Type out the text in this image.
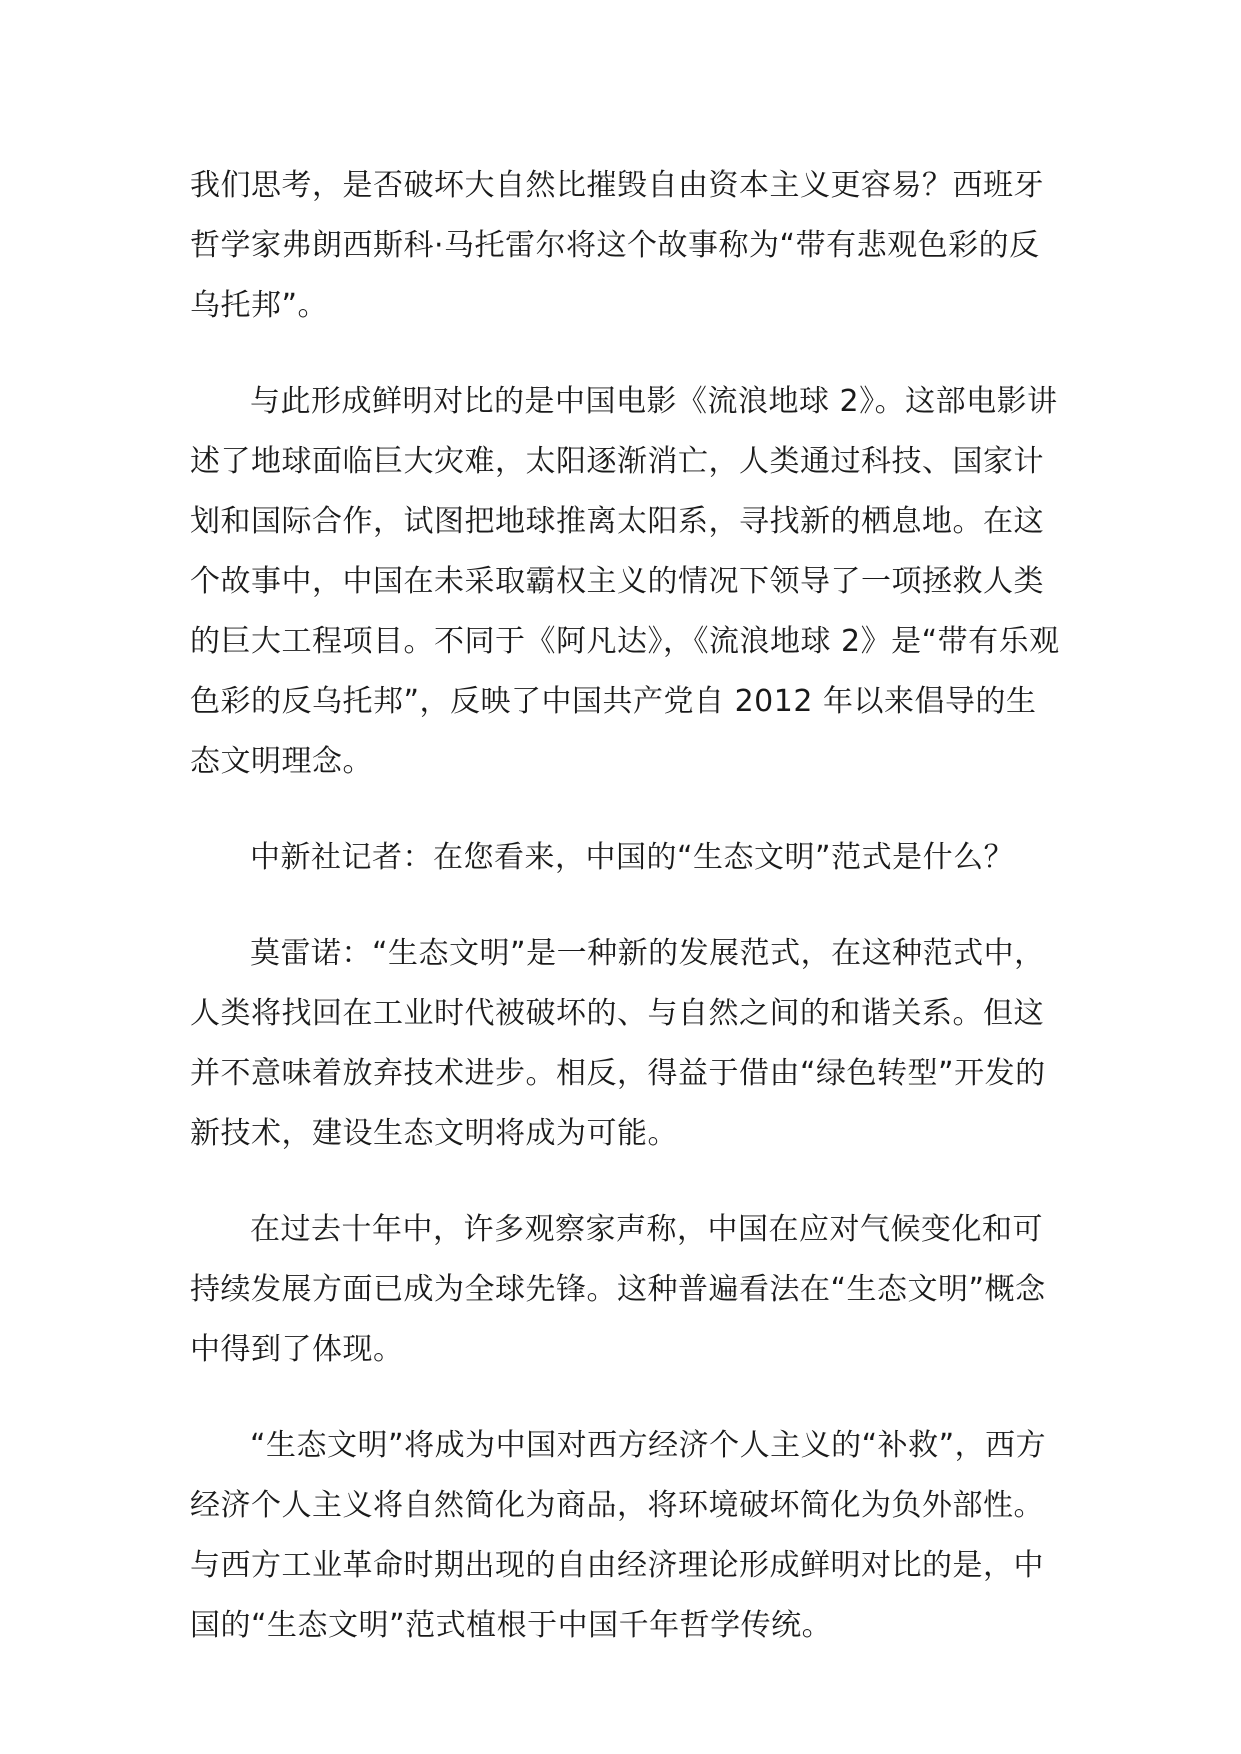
我们思考，是否破坏大自然比摧毁自由资本主义更容易？西班牙哲学家弗朗西斯科·马托雷尔将这个故事称为“带有悲观色彩的反乌托邦”。

与此形成鲜明对比的是中国电影《流浪地球 2》。这部电影讲述了地球面临巨大灾难，太阳逐渐消亡，人类通过科技、国家计划和国际合作，试图把地球推离太阳系，寻找新的栖息地。在这个故事中，中国在未采取霸权主义的情况下领导了一项拯救人类的巨大工程项目。不同于《阿凡达》，《流浪地球 2》是“带有乐观色彩的反乌托邦”，反映了中国共产党自 2012 年以来倡导的生态文明理念。

中新社记者：在您看来，中国的“生态文明”范式是什么？

莫雷诺：“生态文明”是一种新的发展范式，在这种范式中，人类将找回在工业时代被破坏的、与自然之间的和谐关系。但这并不意味着放弃技术进步。相反，得益于借由“绿色转型”开发的新技术，建设生态文明将成为可能。

在过去十年中，许多观察家声称，中国在应对气候变化和可持续发展方面已成为全球先锋。这种普遍看法在“生态文明”概念中得到了体现。

“生态文明”将成为中国对西方经济个人主义的“补救”，西方经济个人主义将自然简化为商品，将环境破坏简化为负外部性。与西方工业革命时期出现的自由经济理论形成鲜明对比的是，中国的“生态文明”范式植根于中国千年哲学传统。
